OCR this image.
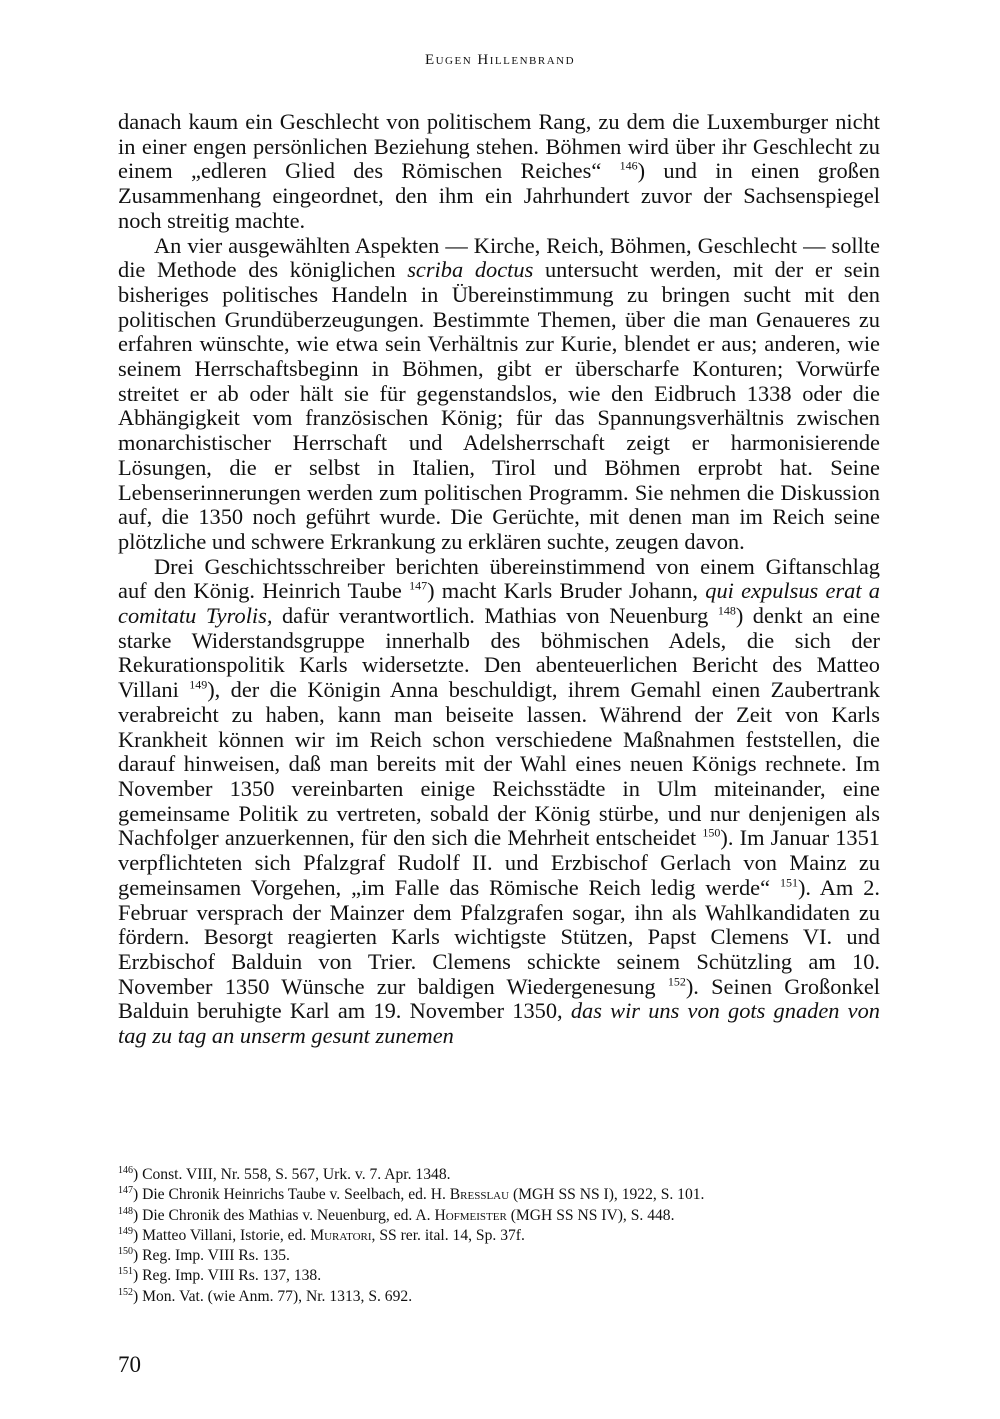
Eugen Hillenbrand

danach kaum ein Geschlecht von politischem Rang, zu dem die Luxemburger nicht in einer engen persönlichen Beziehung stehen. Böhmen wird über ihr Geschlecht zu einem „edleren Glied des Römischen Reiches“ $^{146}$) und in einen großen Zusammenhang eingeordnet, den ihm ein Jahrhundert zuvor der Sachsenspiegel noch streitig machte.

An vier ausgewählten Aspekten — Kirche, Reich, Böhmen, Geschlecht — sollte die Methode des königlichen scriba doctus untersucht werden, mit der er sein bisheriges politisches Handeln in Übereinstimmung zu bringen sucht mit den politischen Grundüberzeugungen. Bestimmte Themen, über die man Genaueres zu erfahren wünschte, wie etwa sein Verhältnis zur Kurie, blendet er aus; anderen, wie seinem Herrschaftsbeginn in Böhmen, gibt er überscharfe Konturen; Vorwürfe streitet er ab oder hält sie für gegenstandslos, wie den Eidbruch 1338 oder die Abhängigkeit vom französischen König; für das Spannungsverhältnis zwischen monarchistischer Herrschaft und Adelsherrschaft zeigt er harmonisierende Lösungen, die er selbst in Italien, Tirol und Böhmen erprobt hat. Seine Lebenserinnerungen werden zum politischen Programm. Sie nehmen die Diskussion auf, die 1350 noch geführt wurde. Die Gerüchte, mit denen man im Reich seine plötzliche und schwere Erkrankung zu erklären suchte, zeugen davon.

Drei Geschichtsschreiber berichten übereinstimmend von einem Giftanschlag auf den König. Heinrich Taube $^{147}$) macht Karls Bruder Johann, qui expulsus erat a comitatu Tyrolis, dafür verantwortlich. Mathias von Neuenburg $^{148}$) denkt an eine starke Widerstandsgruppe innerhalb des böhmischen Adels, die sich der Rekurationspolitik Karls widersetzte. Den abenteuerlichen Bericht des Matteo Villani $^{149}$), der die Königin Anna beschuldigt, ihrem Gemahl einen Zaubertrank verabreicht zu haben, kann man beiseite lassen. Während der Zeit von Karls Krankheit können wir im Reich schon verschiedene Maßnahmen feststellen, die darauf hinweisen, daß man bereits mit der Wahl eines neuen Königs rechnete. Im November 1350 vereinbarten einige Reichsstädte in Ulm miteinander, eine gemeinsame Politik zu vertreten, sobald der König stürbe, und nur denjenigen als Nachfolger anzuerkennen, für den sich die Mehrheit entscheidet $^{150}$). Im Januar 1351 verpflichteten sich Pfalzgraf Rudolf II. und Erzbischof Gerlach von Mainz zu gemeinsamen Vorgehen, „im Falle das Römische Reich ledig werde“ $^{151}$). Am 2. Februar versprach der Mainzer dem Pfalzgrafen sogar, ihn als Wahlkandidaten zu fördern. Besorgt reagierten Karls wichtigste Stützen, Papst Clemens VI. und Erzbischof Balduin von Trier. Clemens schickte seinem Schützling am 10. November 1350 Wünsche zur baldigen Wiedergenesung $^{152}$). Seinen Großonkel Balduin beruhigte Karl am 19. November 1350, das wir uns von gots gnaden von tag zu tag an unserm gesunt zunemen

$^{146}$) Const. VIII, Nr. 558, S. 567, Urk. v. 7. Apr. 1348.

$^{147}$) Die Chronik Heinrichs Taube v. Seelbach, ed. H. Bresslau (MGH SS NS I), 1922, S. 101.

$^{148}$) Die Chronik des Mathias v. Neuenburg, ed. A. Hofmeister (MGH SS NS IV), S. 448.

$^{149}$) Matteo Villani, Istorie, ed. Muratori, SS rer. ital. 14, Sp. 37f.

$^{150}$) Reg. Imp. VIII Rs. 135.

$^{151}$) Reg. Imp. VIII Rs. 137, 138.

$^{152}$) Mon. Vat. (wie Anm. 77), Nr. 1313, S. 692.

70
